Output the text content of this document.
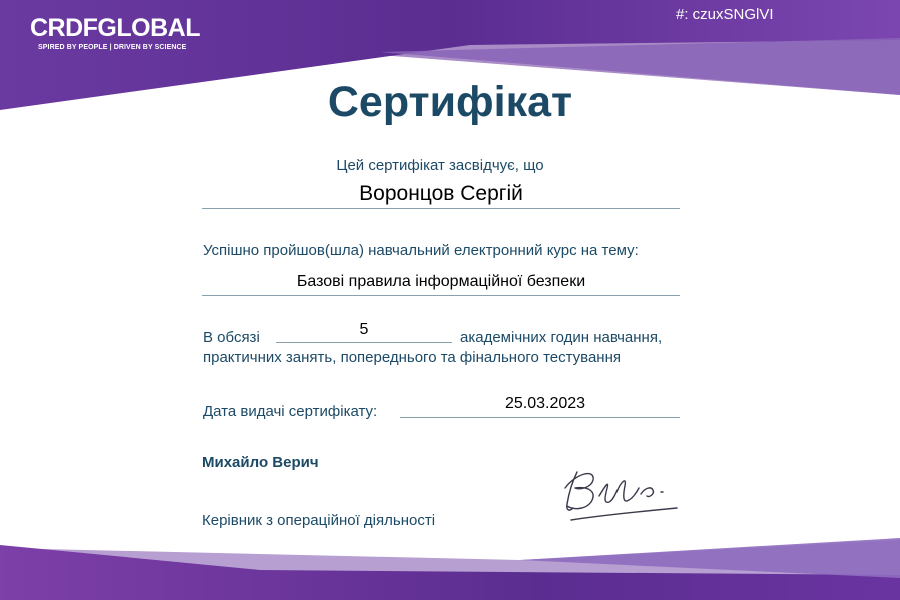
CRDFGLOBAL
SPIRED BY PEOPLE | DRIVEN BY SCIENCE
#: czuxSNGlVI
Сертифікат
Цей сертифікат засвідчує, що
Воронцов Сергій
Успішно пройшов(шла) навчальний електронний курс на тему:
Базові правила інформаційної безпеки
В обсязі	5	академічних годин навчання,
практичних занять, попереднього та фінального тестування
Дата видачі сертифікату:	25.03.2023
Михайло Верич
Керівник з операційної діяльності
